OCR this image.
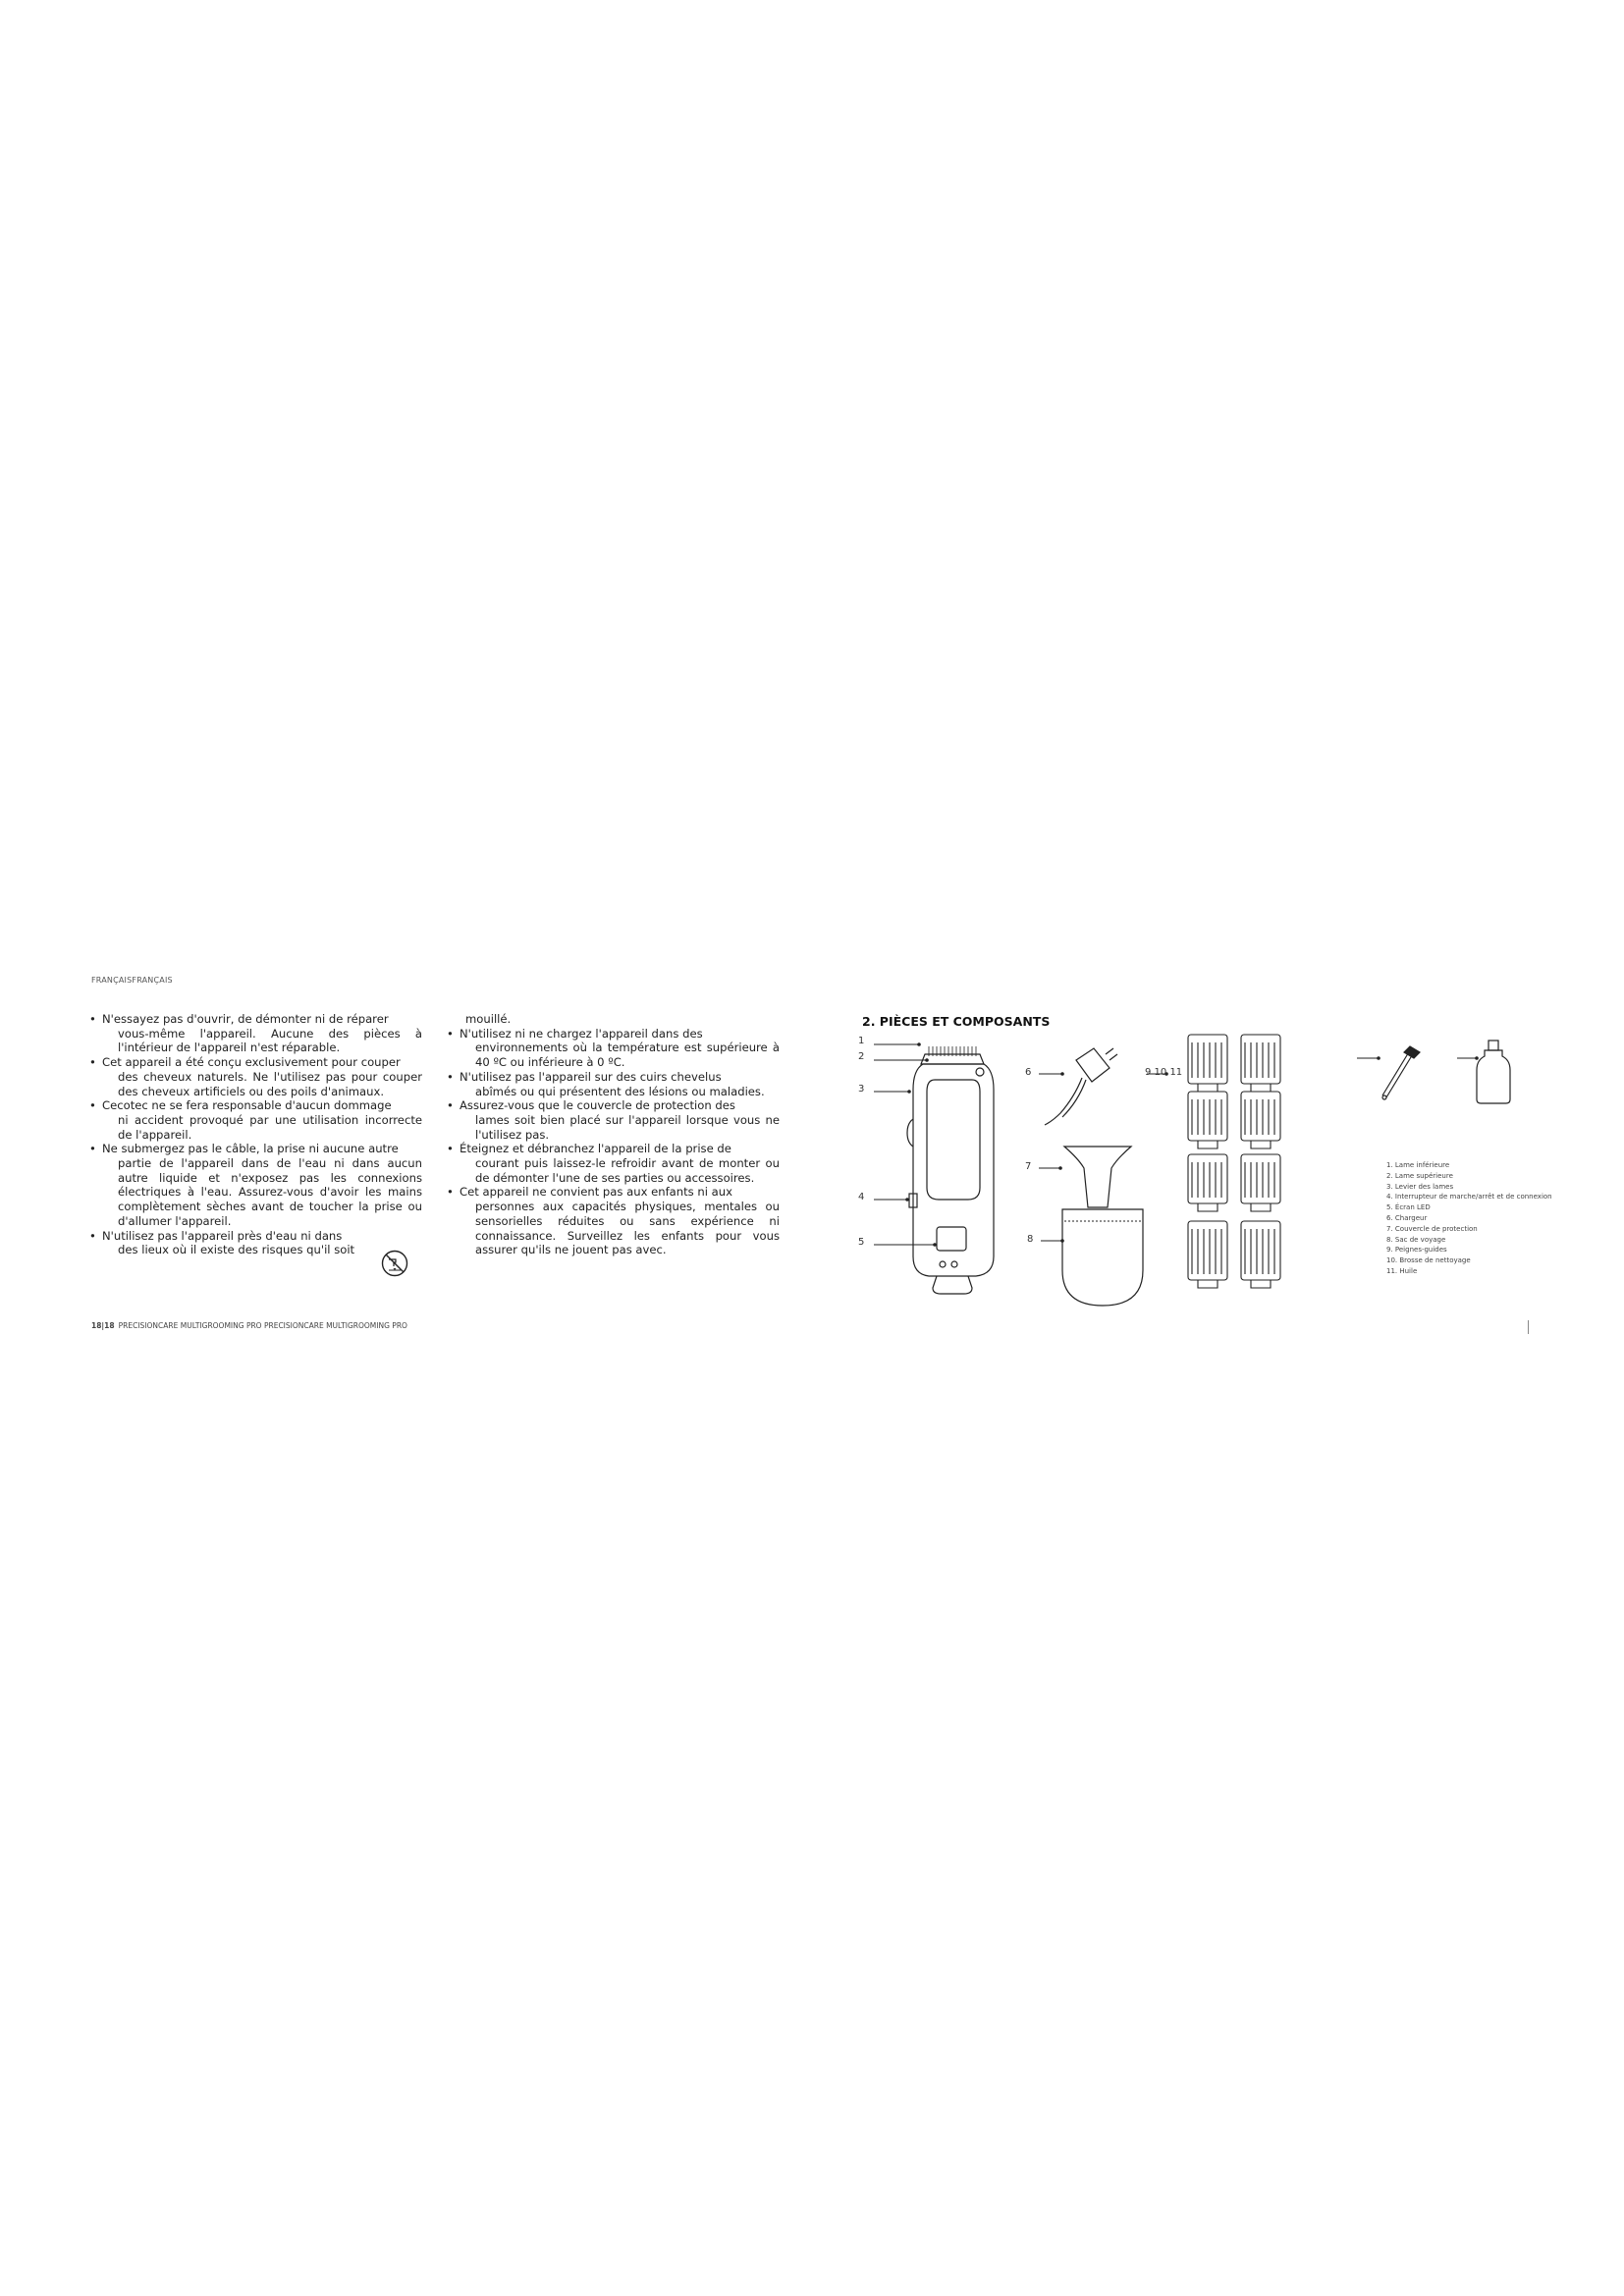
FRANÇAISFRANÇAIS
• N'essayez pas d'ouvrir, de démonter ni de réparer
vous-même l'appareil. Aucune des pièces à l'intérieur de l'appareil n'est réparable.
• Cet appareil a été conçu exclusivement pour couper
des cheveux naturels. Ne l'utilisez pas pour couper des cheveux artificiels ou des poils d'animaux.
• Cecotec ne se fera responsable d'aucun dommage
ni accident provoqué par une utilisation incorrecte de l'appareil.
• Ne submergez pas le câble, la prise ni aucune autre
partie de l'appareil dans de l'eau ni dans aucun autre liquide et n'exposez pas les connexions électriques à l'eau. Assurez-vous d'avoir les mains complètement sèches avant de toucher la prise ou d'allumer l'appareil.
• N'utilisez pas l'appareil près d'eau ni dans
des lieux où il existe des risques qu'il soit
mouillé.
• N'utilisez ni ne chargez l'appareil dans des
environnements où la température est supérieure à 40 ºC ou inférieure à 0 ºC.
• N'utilisez pas l'appareil sur des cuirs chevelus
abîmés ou qui présentent des lésions ou maladies.
• Assurez-vous que le couvercle de protection des
lames soit bien placé sur l'appareil lorsque vous ne l'utilisez pas.
• Éteignez et débranchez l'appareil de la prise de
courant puis laissez-le refroidir avant de monter ou de démonter l'une de ses parties ou accessoires.
• Cet appareil ne convient pas aux enfants ni aux
personnes aux capacités physiques, mentales ou sensorielles réduites ou sans expérience ni connaissance. Surveillez les enfants pour vous assurer qu'ils ne jouent pas avec.
18|18 PRECISIONCARE MULTIGROOMING PRO PRECISIONCARE MULTIGROOMING PRO
2. PIÈCES ET COMPOSANTS
1
2
3
4
5
6
7
8
9 10 11
1. Lame inférieure
2. Lame supérieure
3. Levier des lames
4. Interrupteur de marche/arrêt et de connexion
5. Écran LED
6. Chargeur
7. Couvercle de protection
8. Sac de voyage
9. Peignes-guides
10. Brosse de nettoyage
11. Huile
